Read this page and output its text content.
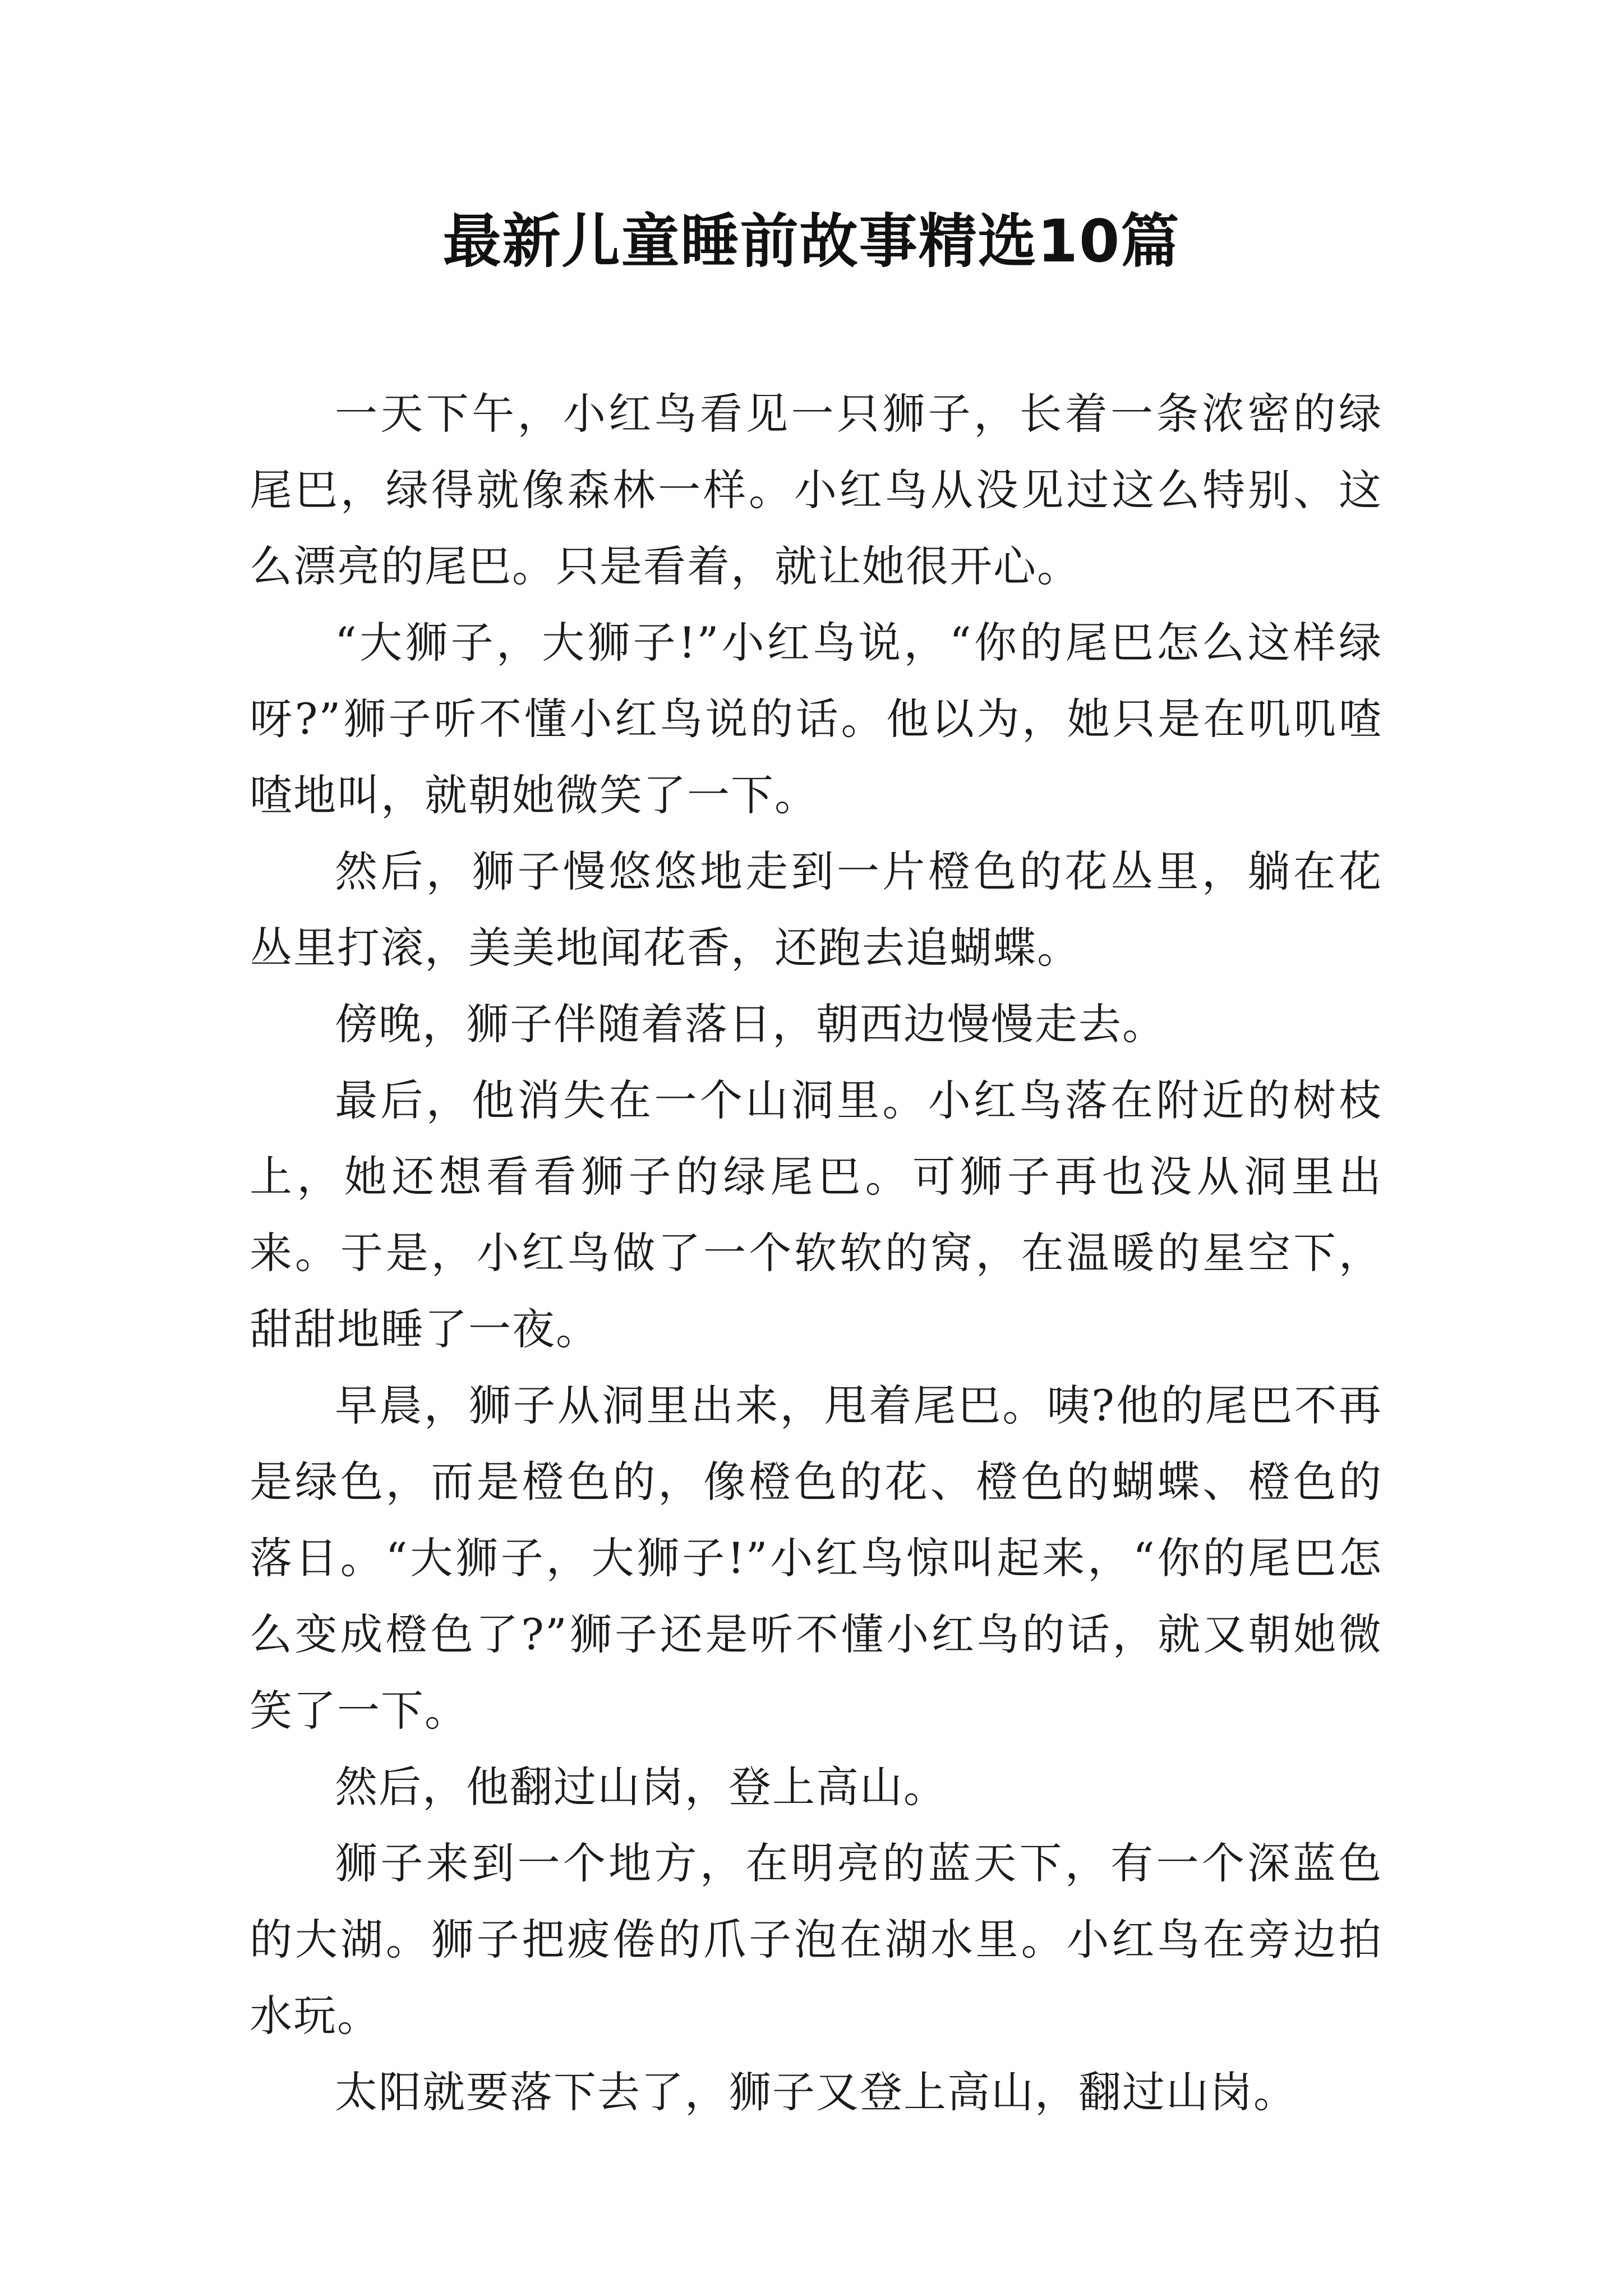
最新儿童睡前故事精选10篇

一天下午，小红鸟看见一只狮子，长着一条浓密的绿尾巴，绿得就像森林一样。小红鸟从没见过这么特别、这么漂亮的尾巴。只是看着，就让她很开心。

“大狮子，大狮子!”小红鸟说，“你的尾巴怎么这样绿呀?”狮子听不懂小红鸟说的话。他以为，她只是在叽叽喳喳地叫，就朝她微笑了一下。

然后，狮子慢悠悠地走到一片橙色的花丛里，躺在花丛里打滚，美美地闻花香，还跑去追蝴蝶。

傍晚，狮子伴随着落日，朝西边慢慢走去。

最后，他消失在一个山洞里。小红鸟落在附近的树枝上，她还想看看狮子的绿尾巴。可狮子再也没从洞里出来。于是，小红鸟做了一个软软的窝，在温暖的星空下，甜甜地睡了一夜。

早晨，狮子从洞里出来，甩着尾巴。咦?他的尾巴不再是绿色，而是橙色的，像橙色的花、橙色的蝴蝶、橙色的落日。“大狮子，大狮子!”小红鸟惊叫起来，“你的尾巴怎么变成橙色了?”狮子还是听不懂小红鸟的话，就又朝她微笑了一下。

然后，他翻过山岗，登上高山。

狮子来到一个地方，在明亮的蓝天下，有一个深蓝色的大湖。狮子把疲倦的爪子泡在湖水里。小红鸟在旁边拍水玩。

太阳就要落下去了，狮子又登上高山，翻过山岗。
